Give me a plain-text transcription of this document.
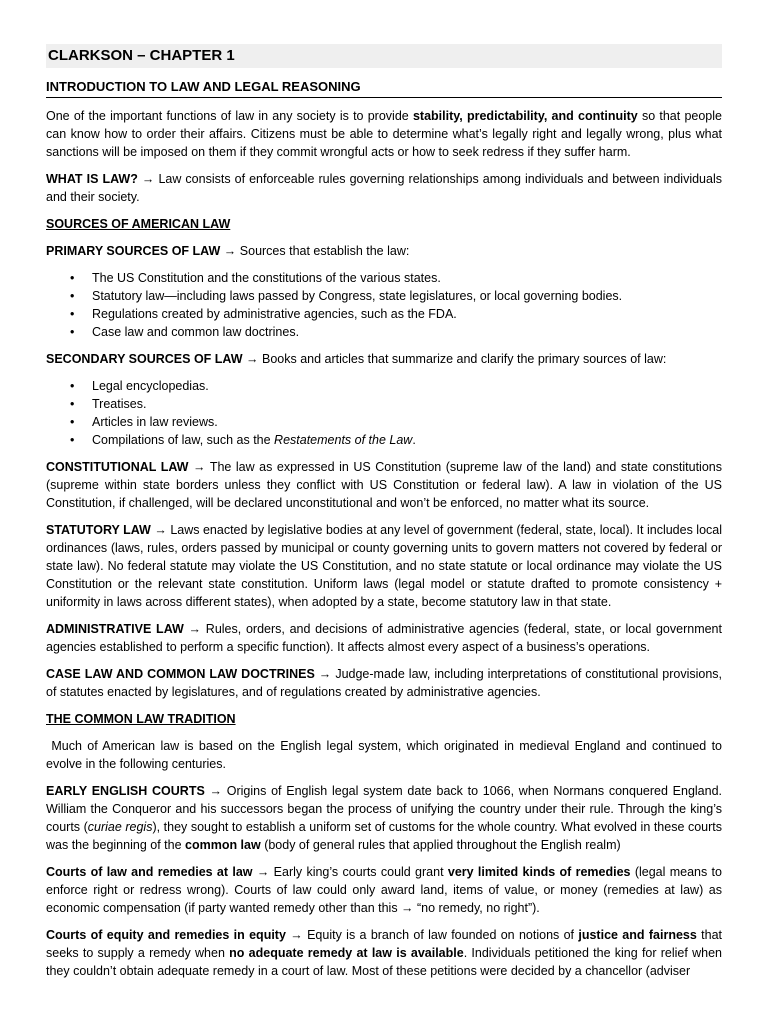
CLARKSON – CHAPTER 1
INTRODUCTION TO LAW AND LEGAL REASONING

One of the important functions of law in any society is to provide stability, predictability, and continuity so that people can know how to order their affairs. Citizens must be able to determine what’s legally right and legally wrong, plus what sanctions will be imposed on them if they commit wrongful acts or how to seek redress if they suffer harm.

WHAT IS LAW? → Law consists of enforceable rules governing relationships among individuals and between individuals and their society.

SOURCES OF AMERICAN LAW

PRIMARY SOURCES OF LAW → Sources that establish the law:

• The US Constitution and the constitutions of the various states.
• Statutory law—including laws passed by Congress, state legislatures, or local governing bodies.
• Regulations created by administrative agencies, such as the FDA.
• Case law and common law doctrines.

SECONDARY SOURCES OF LAW → Books and articles that summarize and clarify the primary sources of law:

• Legal encyclopedias.
• Treatises.
• Articles in law reviews.
• Compilations of law, such as the Restatements of the Law.

CONSTITUTIONAL LAW → The law as expressed in US Constitution (supreme law of the land) and state constitutions (supreme within state borders unless they conflict with US Constitution or federal law). A law in violation of the US Constitution, if challenged, will be declared unconstitutional and won’t be enforced, no matter what its source.

STATUTORY LAW → Laws enacted by legislative bodies at any level of government (federal, state, local). It includes local ordinances (laws, rules, orders passed by municipal or county governing units to govern matters not covered by federal or state law). No federal statute may violate the US Constitution, and no state statute or local ordinance may violate the US Constitution or the relevant state constitution. Uniform laws (legal model or statute drafted to promote consistency + uniformity in laws across different states), when adopted by a state, become statutory law in that state.

ADMINISTRATIVE LAW → Rules, orders, and decisions of administrative agencies (federal, state, or local government agencies established to perform a specific function). It affects almost every aspect of a business’s operations.

CASE LAW AND COMMON LAW DOCTRINES → Judge-made law, including interpretations of constitutional provisions, of statutes enacted by legislatures, and of regulations created by administrative agencies.

THE COMMON LAW TRADITION

Much of American law is based on the English legal system, which originated in medieval England and continued to evolve in the following centuries.

EARLY ENGLISH COURTS → Origins of English legal system date back to 1066, when Normans conquered England. William the Conqueror and his successors began the process of unifying the country under their rule. Through the king’s courts (curiae regis), they sought to establish a uniform set of customs for the whole country. What evolved in these courts was the beginning of the common law (body of general rules that applied throughout the English realm)

Courts of law and remedies at law → Early king’s courts could grant very limited kinds of remedies (legal means to enforce right or redress wrong). Courts of law could only award land, items of value, or money (remedies at law) as economic compensation (if party wanted remedy other than this → “no remedy, no right”).

Courts of equity and remedies in equity → Equity is a branch of law founded on notions of justice and fairness that seeks to supply a remedy when no adequate remedy at law is available. Individuals petitioned the king for relief when they couldn’t obtain adequate remedy in a court of law. Most of these petitions were decided by a chancellor (adviser
